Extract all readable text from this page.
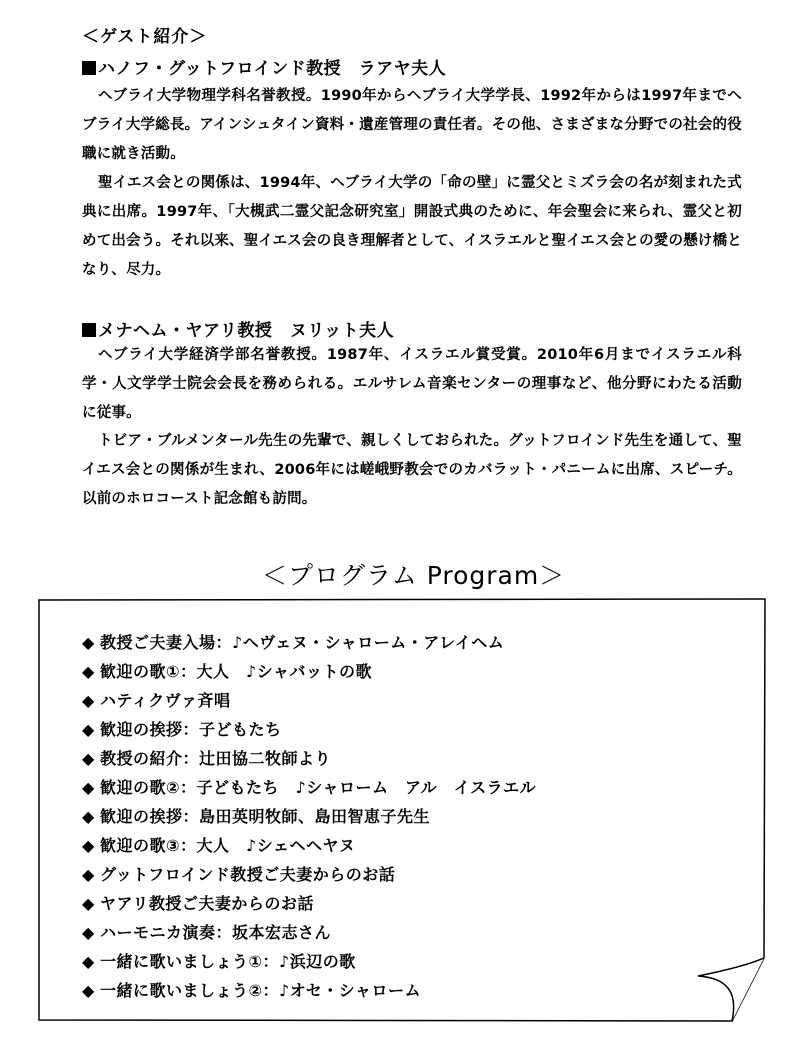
＜ゲスト紹介＞
ハノフ・グットフロインド教授　ラアヤ夫人
ヘブライ大学物理学科名誉教授。1990年からヘブライ大学学長、1992年からは1997年までヘブライ大学総長。アインシュタイン資料・遺産管理の責任者。その他、さまざまな分野での社会的役職に就き活動。
聖イエス会との関係は、1994年、ヘブライ大学の「命の壁」に霊父とミズラ会の名が刻まれた式典に出席。1997年、「大槻武二霊父記念研究室」開設式典のために、年会聖会に来られ、霊父と初めて出会う。それ以来、聖イエス会の良き理解者として、イスラエルと聖イエス会との愛の懸け橋となり、尽力。
メナヘム・ヤアリ教授　ヌリット夫人
ヘブライ大学経済学部名誉教授。1987年、イスラエル賞受賞。2010年6月までイスラエル科学・人文学学士院会会長を務められる。エルサレム音楽センターの理事など、他分野にわたる活動に従事。
トビア・ブルメンタール先生の先輩で、親しくしておられた。グットフロインド先生を通して、聖イエス会との関係が生まれ、2006年には嵯峨野教会でのカバラット・パニームに出席、スピーチ。以前のホロコースト記念館も訪問。
＜プログラム Program＞
◆ 教授ご夫妻入場：♪ヘヴェヌ・シャローム・アレイヘム
◆ 歓迎の歌①：大人　♪シャバットの歌
◆ ハティクヴァ斉唱
◆ 歓迎の挨拶：子どもたち
◆ 教授の紹介：辻田協二牧師より
◆ 歓迎の歌②：子どもたち　♪シャローム　アル　イスラエル
◆ 歓迎の挨拶：島田英明牧師、島田智恵子先生
◆ 歓迎の歌③：大人　♪シェヘヘヤヌ
◆ グットフロインド教授ご夫妻からのお話
◆ ヤアリ教授ご夫妻からのお話
◆ ハーモニカ演奏：坂本宏志さん
◆ 一緒に歌いましょう①：♪浜辺の歌
◆ 一緒に歌いましょう②：♪オセ・シャローム
